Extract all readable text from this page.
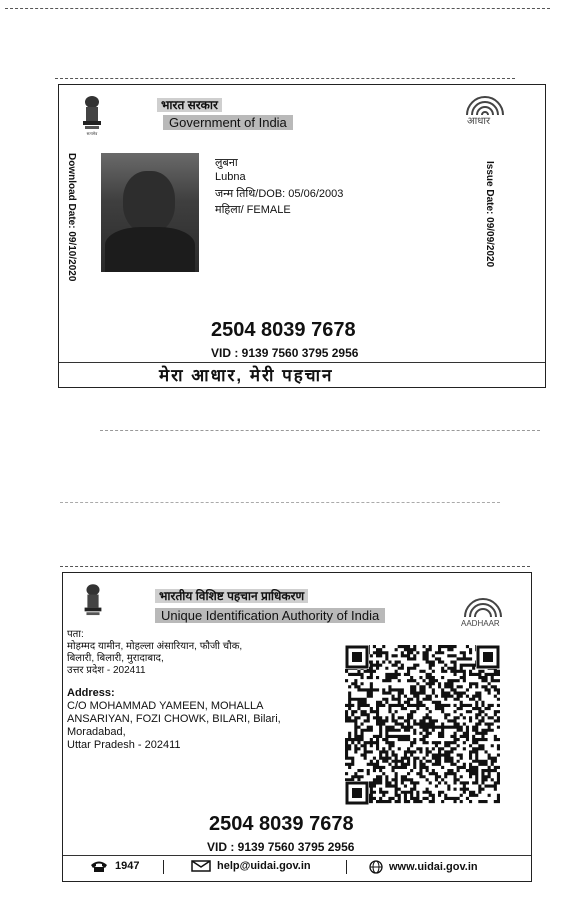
सत्यमेव
भारत सरकार
Government of India	आधार
Download Date: 09/10/2020	Issue Date: 09/09/2020
लुबना
Lubna
जन्म तिथि/DOB: 05/06/2003
महिला/ FEMALE
2504 8039 7678
VID : 9139 7560 3795 2956
मेरा आधार, मेरी पहचान
भारतीय विशिष्ट पहचान प्राधिकरण
Unique Identification Authority of India
AADHAAR
पता:
मोहम्मद यामीन, मोहल्ला अंसारियान, फौजी चौक,
बिलारी, बिलारी, मुरादाबाद,
उत्तर प्रदेश - 202411
Address:
C/O MOHAMMAD YAMEEN, MOHALLA
ANSARIYAN, FOZI CHOWK, BILARI, Bilari,
Moradabad,
Uttar Pradesh - 202411
2504 8039 7678
VID : 9139 7560 3795 2956
1947	help@uidai.gov.in	www.uidai.gov.in
